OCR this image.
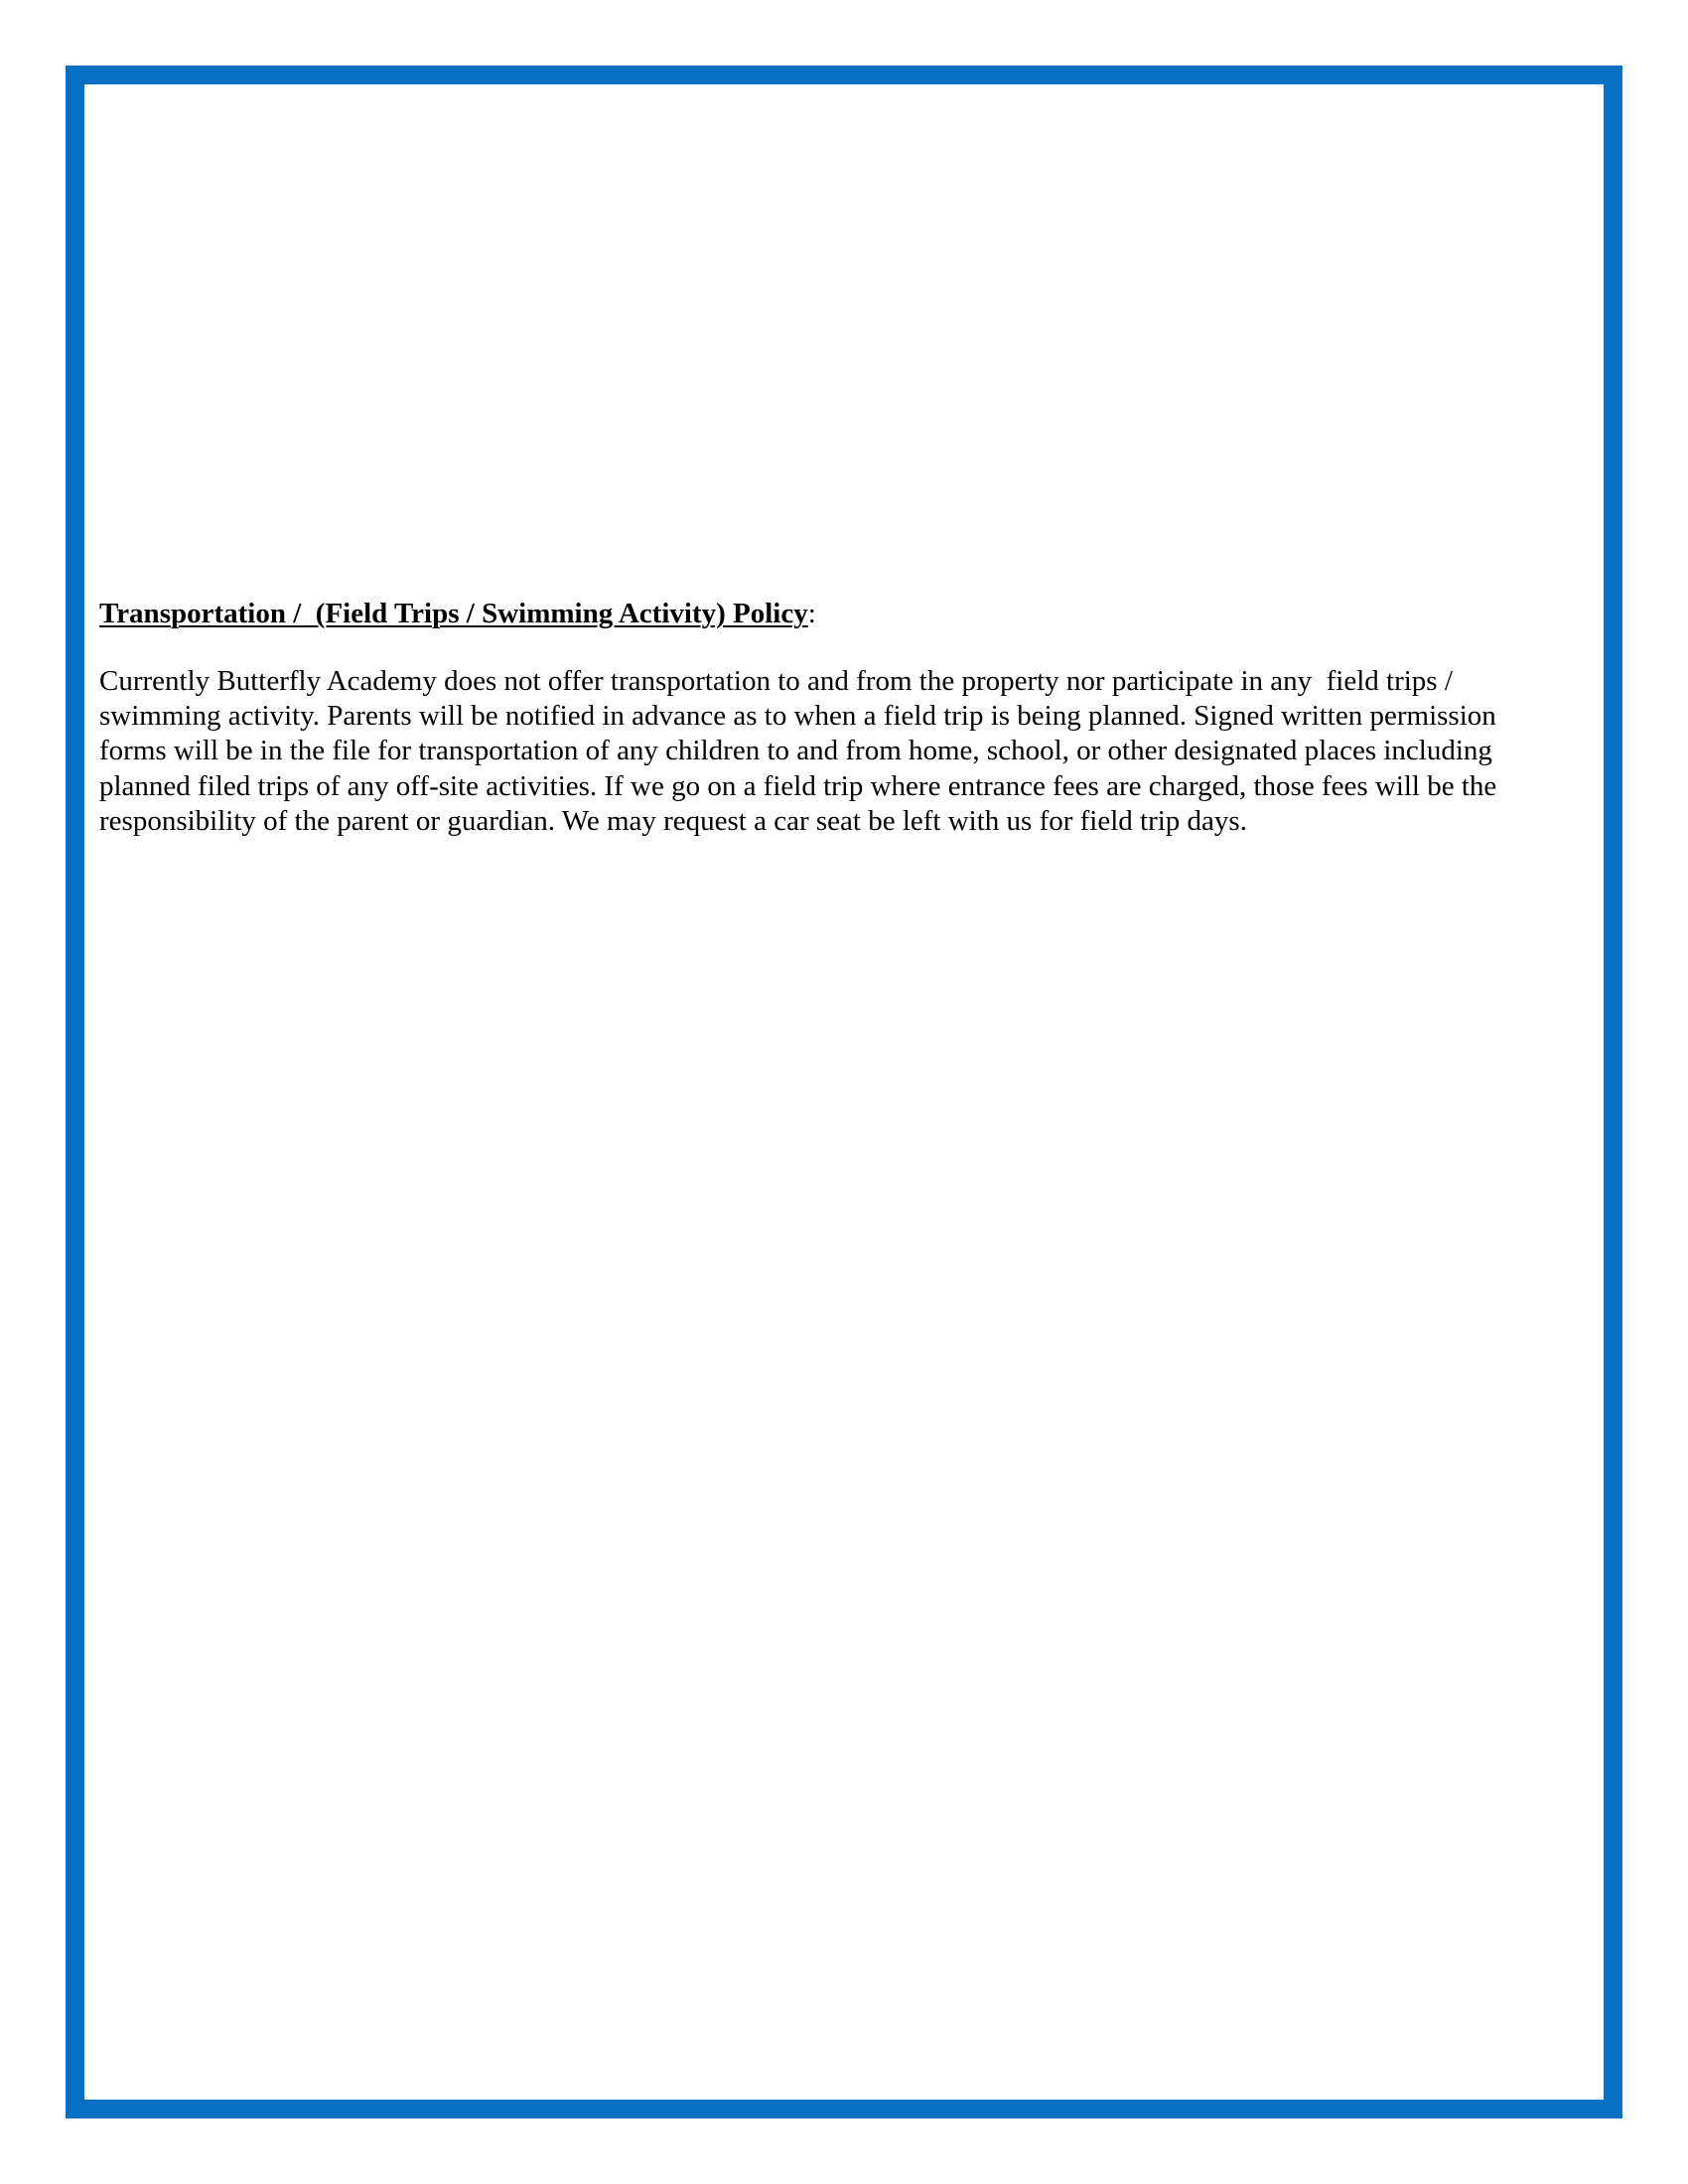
Transportation /  (Field Trips / Swimming Activity) Policy:

Currently Butterfly Academy does not offer transportation to and from the property nor participate in any  field trips /

swimming activity. Parents will be notified in advance as to when a field trip is being planned. Signed written permission

forms will be in the file for transportation of any children to and from home, school, or other designated places including

planned filed trips of any off-site activities. If we go on a field trip where entrance fees are charged, those fees will be the

responsibility of the parent or guardian. We may request a car seat be left with us for field trip days.
